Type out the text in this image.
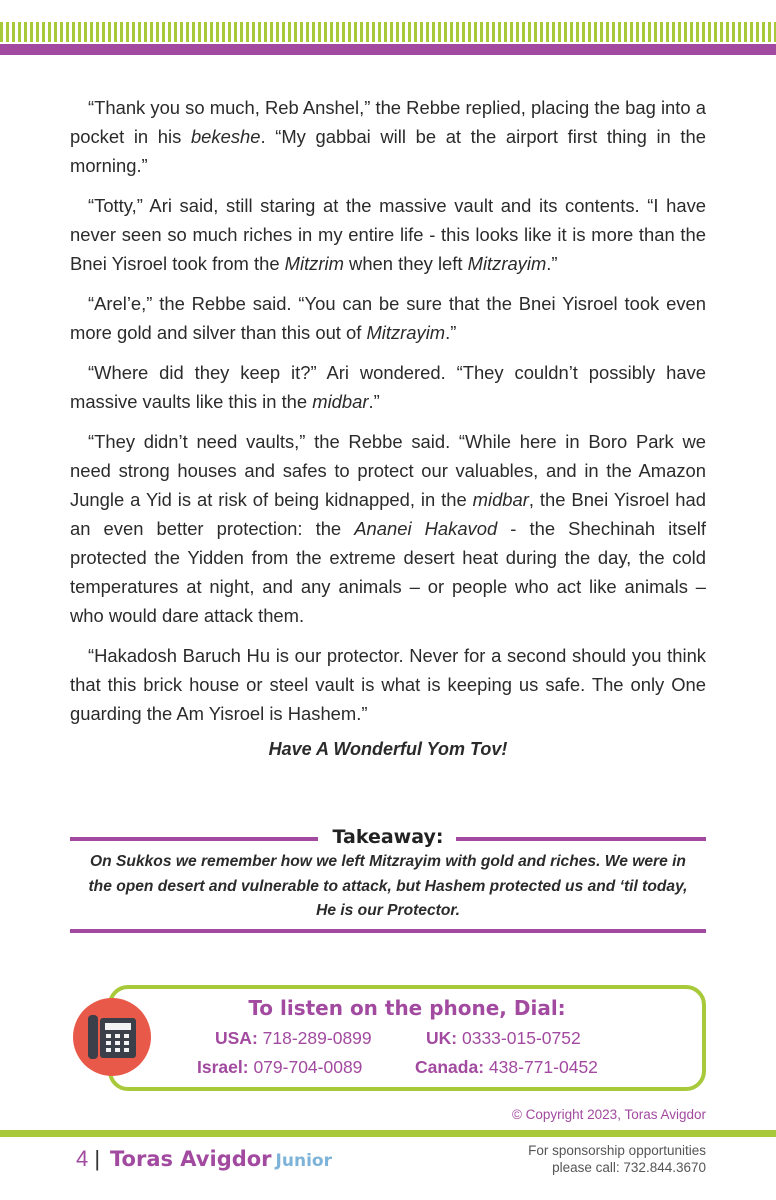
“Thank you so much, Reb Anshel,” the Rebbe replied, placing the bag into a pocket in his bekeshe. “My gabbai will be at the airport first thing in the morning.”

“Totty,” Ari said, still staring at the massive vault and its contents. “I have never seen so much riches in my entire life - this looks like it is more than the Bnei Yisroel took from the Mitzrim when they left Mitzrayim.”

“Arel’e,” the Rebbe said. “You can be sure that the Bnei Yisroel took even more gold and silver than this out of Mitzrayim.”

“Where did they keep it?” Ari wondered. “They couldn’t possibly have massive vaults like this in the midbar.”

“They didn’t need vaults,” the Rebbe said. “While here in Boro Park we need strong houses and safes to protect our valuables, and in the Amazon Jungle a Yid is at risk of being kidnapped, in the midbar, the Bnei Yisroel had an even better protection: the Ananei Hakavod - the Shechinah itself protected the Yidden from the extreme desert heat during the day, the cold temperatures at night, and any animals – or people who act like animals – who would dare attack them.

“Hakadosh Baruch Hu is our protector. Never for a second should you think that this brick house or steel vault is what is keeping us safe. The only One guarding the Am Yisroel is Hashem.”

Have A Wonderful Yom Tov!
Takeaway:
On Sukkos we remember how we left Mitzrayim with gold and riches. We were in the open desert and vulnerable to attack, but Hashem protected us and ‘til today, He is our Protector.
To listen on the phone, Dial:
USA: 718-289-0899	UK: 0333-015-0752
Israel: 079-704-0089	Canada: 438-771-0452
© Copyright 2023, Toras Avigdor
4 | Toras Avigdor Junior
For sponsorship opportunities
please call: 732.844.3670
